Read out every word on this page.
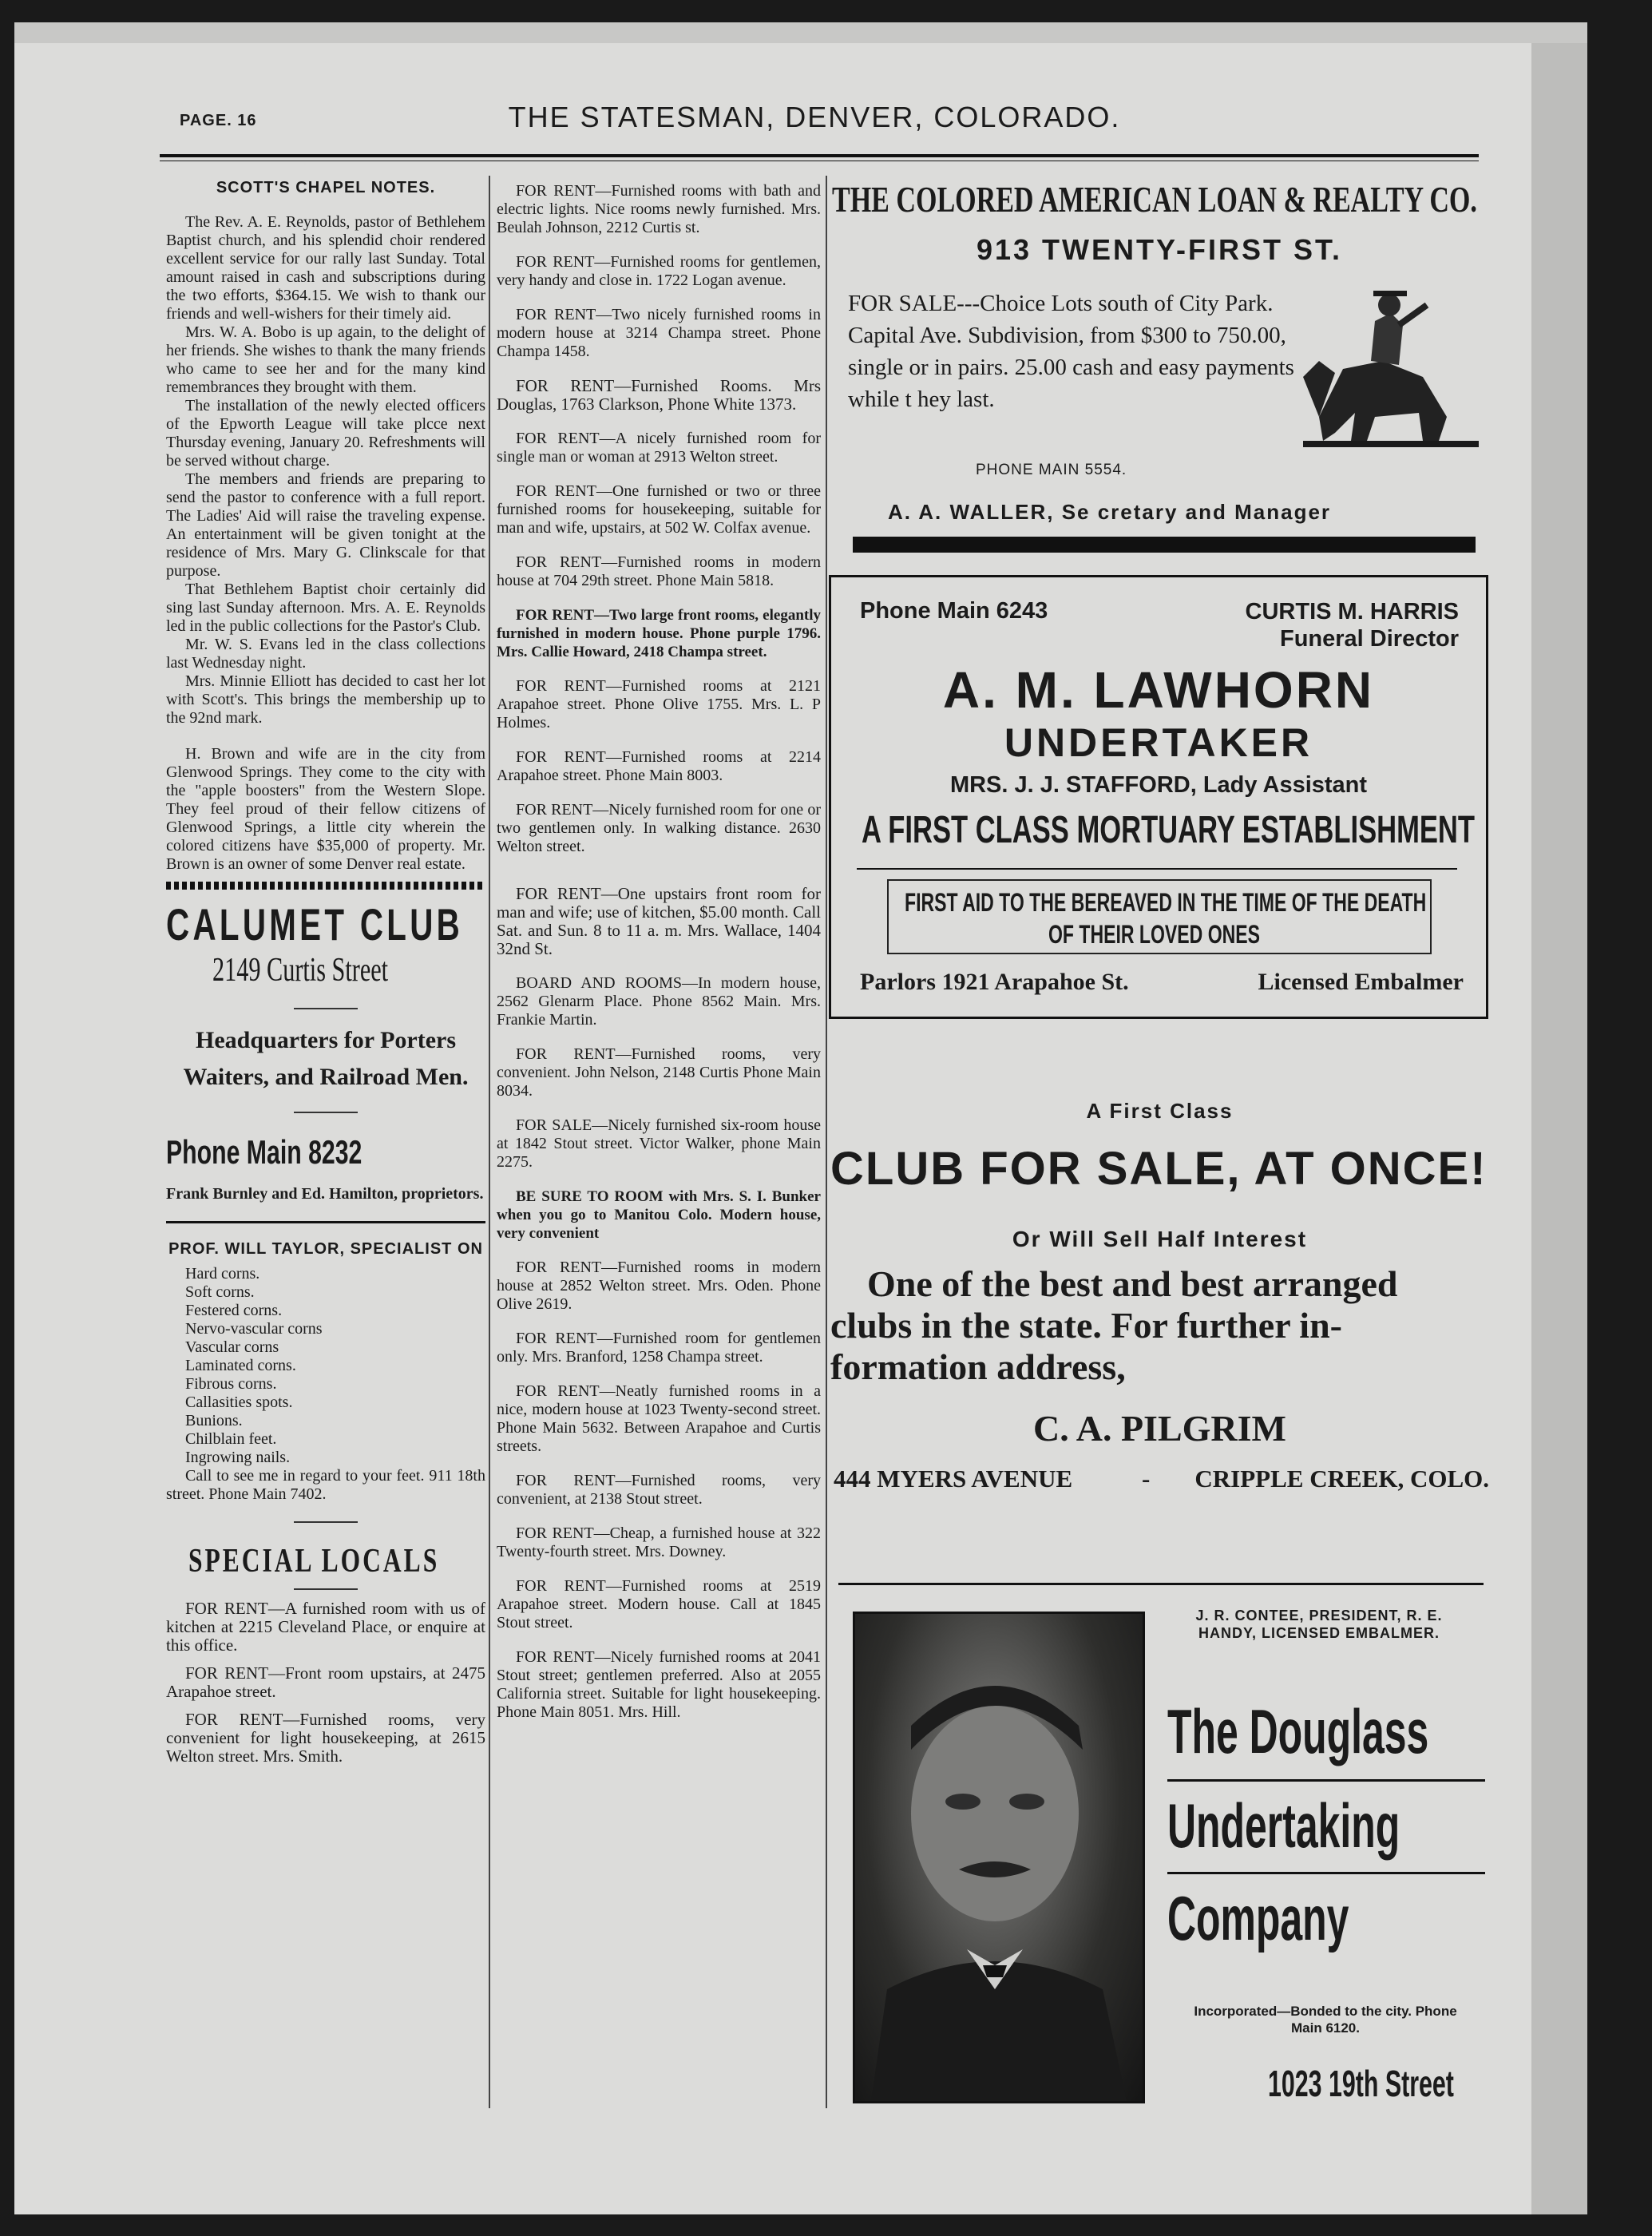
PAGE. 16	THE STATESMAN, DENVER, COLORADO.
SCOTT'S CHAPEL NOTES.

The Rev. A. E. Reynolds, pastor of Bethlehem Baptist church, and his splendid choir rendered excellent service for our rally last Sunday. Total amount raised in cash and subscriptions during the two efforts, $364.15. We wish to thank our friends and well-wishers for their timely aid.

Mrs. W. A. Bobo is up again, to the delight of her friends. She wishes to thank the many friends who came to see her and for the many kind remembrances they brought with them.

The installation of the newly elected officers of the Epworth League will take plcce next Thursday evening, January 20. Refreshments will be served without charge.

The members and friends are preparing to send the pastor to conference with a full report. The Ladies' Aid will raise the traveling expense. An entertainment will be given tonight at the residence of Mrs. Mary G. Clinkscale for that purpose.

That Bethlehem Baptist choir certainly did sing last Sunday afternoon. Mrs. A. E. Reynolds led in the public collections for the Pastor's Club.

Mr. W. S. Evans led in the class collections last Wednesday night.

Mrs. Minnie Elliott has decided to cast her lot with Scott's. This brings the membership up to the 92nd mark.

H. Brown and wife are in the city from Glenwood Springs. They come to the city with the "apple boosters" from the Western Slope. They feel proud of their fellow citizens of Glenwood Springs, a little city wherein the colored citizens have $35,000 of property. Mr. Brown is an owner of some Denver real estate.

CALUMET CLUB
2149 Curtis Street
Headquarters for Porters
Waiters, and Railroad Men.
Phone Main 8232

Frank Burnley and Ed. Hamilton, proprietors.

PROF. WILL TAYLOR, SPECIALIST ON

Hard corns.

Soft corns.

Festered corns.

Nervo-vascular corns

Vascular corns

Laminated corns.

Fibrous corns.

Callasities spots.

Bunions.

Chilblain feet.

Ingrowing nails.

Call to see me in regard to your feet. 911 18th street. Phone Main 7402.

SPECIAL LOCALS

FOR RENT—A furnished room with us of kitchen at 2215 Cleveland Place, or enquire at this office.

FOR RENT—Front room upstairs, at 2475 Arapahoe street.

FOR RENT—Furnished rooms, very convenient for light housekeeping, at 2615 Welton street. Mrs. Smith.

FOR RENT—Furnished rooms with bath and electric lights. Nice rooms newly furnished. Mrs. Beulah Johnson, 2212 Curtis st.

FOR RENT—Furnished rooms for gentlemen, very handy and close in. 1722 Logan avenue.

FOR RENT—Two nicely furnished rooms in modern house at 3214 Champa street. Phone Champa 1458.

FOR RENT—Furnished Rooms. Mrs Douglas, 1763 Clarkson, Phone White 1373.

FOR RENT—A nicely furnished room for single man or woman at 2913 Welton street.

FOR RENT—One furnished or two or three furnished rooms for housekeeping, suitable for man and wife, upstairs, at 502 W. Colfax avenue.

FOR RENT—Furnished rooms in modern house at 704 29th street. Phone Main 5818.

FOR RENT—Two large front rooms, elegantly furnished in modern house. Phone purple 1796. Mrs. Callie Howard, 2418 Champa street.

FOR RENT—Furnished rooms at 2121 Arapahoe street. Phone Olive 1755. Mrs. L. P Holmes.

FOR RENT—Furnished rooms at 2214 Arapahoe street. Phone Main 8003.

FOR RENT—Nicely furnished room for one or two gentlemen only. In walking distance. 2630 Welton street.

FOR RENT—One upstairs front room for man and wife; use of kitchen, $5.00 month. Call Sat. and Sun. 8 to 11 a. m. Mrs. Wallace, 1404 32nd St.

BOARD AND ROOMS—In modern house, 2562 Glenarm Place. Phone 8562 Main. Mrs. Frankie Martin.

FOR RENT—Furnished rooms, very convenient. John Nelson, 2148 Curtis Phone Main 8034.

FOR SALE—Nicely furnished six-room house at 1842 Stout street. Victor Walker, phone Main 2275.

BE SURE TO ROOM with Mrs. S. I. Bunker when you go to Manitou Colo. Modern house, very convenient

FOR RENT—Furnished rooms in modern house at 2852 Welton street. Mrs. Oden. Phone Olive 2619.

FOR RENT—Furnished room for gentlemen only. Mrs. Branford, 1258 Champa street.

FOR RENT—Neatly furnished rooms in a nice, modern house at 1023 Twenty-second street. Phone Main 5632. Between Arapahoe and Curtis streets.

FOR RENT—Furnished rooms, very convenient, at 2138 Stout street.

FOR RENT—Cheap, a furnished house at 322 Twenty-fourth street. Mrs. Downey.

FOR RENT—Furnished rooms at 2519 Arapahoe street. Modern house. Call at 1845 Stout street.

FOR RENT—Nicely furnished rooms at 2041 Stout street; gentlemen preferred. Also at 2055 California street. Suitable for light housekeeping. Phone Main 8051. Mrs. Hill.

THE COLORED AMERICAN LOAN & REALTY CO.
913 TWENTY-FIRST ST.

FOR SALE---Choice Lots south of City Park. Capital Ave. Subdivision, from $300 to 750.00, single or in pairs. 25.00 cash and easy payments while t hey last.

PHONE MAIN 5554.
A. A. WALLER, Se cretary and Manager
Phone Main 6243	CURTIS M. HARRIS
Funeral Director
A. M. LAWHORN
UNDERTAKER
MRS. J. J. STAFFORD, Lady Assistant
A FIRST CLASS MORTUARY ESTABLISHMENT
FIRST AID TO THE BEREAVED IN THE TIME OF THE DEATH
OF THEIR LOVED ONES
Parlors 1921 Arapahoe St.	Licensed Embalmer
A First Class
CLUB FOR SALE, AT ONCE!
Or Will Sell Half Interest
One of the best and best arranged
clubs in the state. For further in-
formation address,
C. A. PILGRIM
444 MYERS AVENUE	- CRIPPLE CREEK, COLO.
J. R. CONTEE, PRESIDENT, R. E. HANDY, LICENSED EMBALMER.
The Douglass
Undertaking
Company
Incorporated—Bonded to the city. Phone Main 6120.
1023 19th Street
